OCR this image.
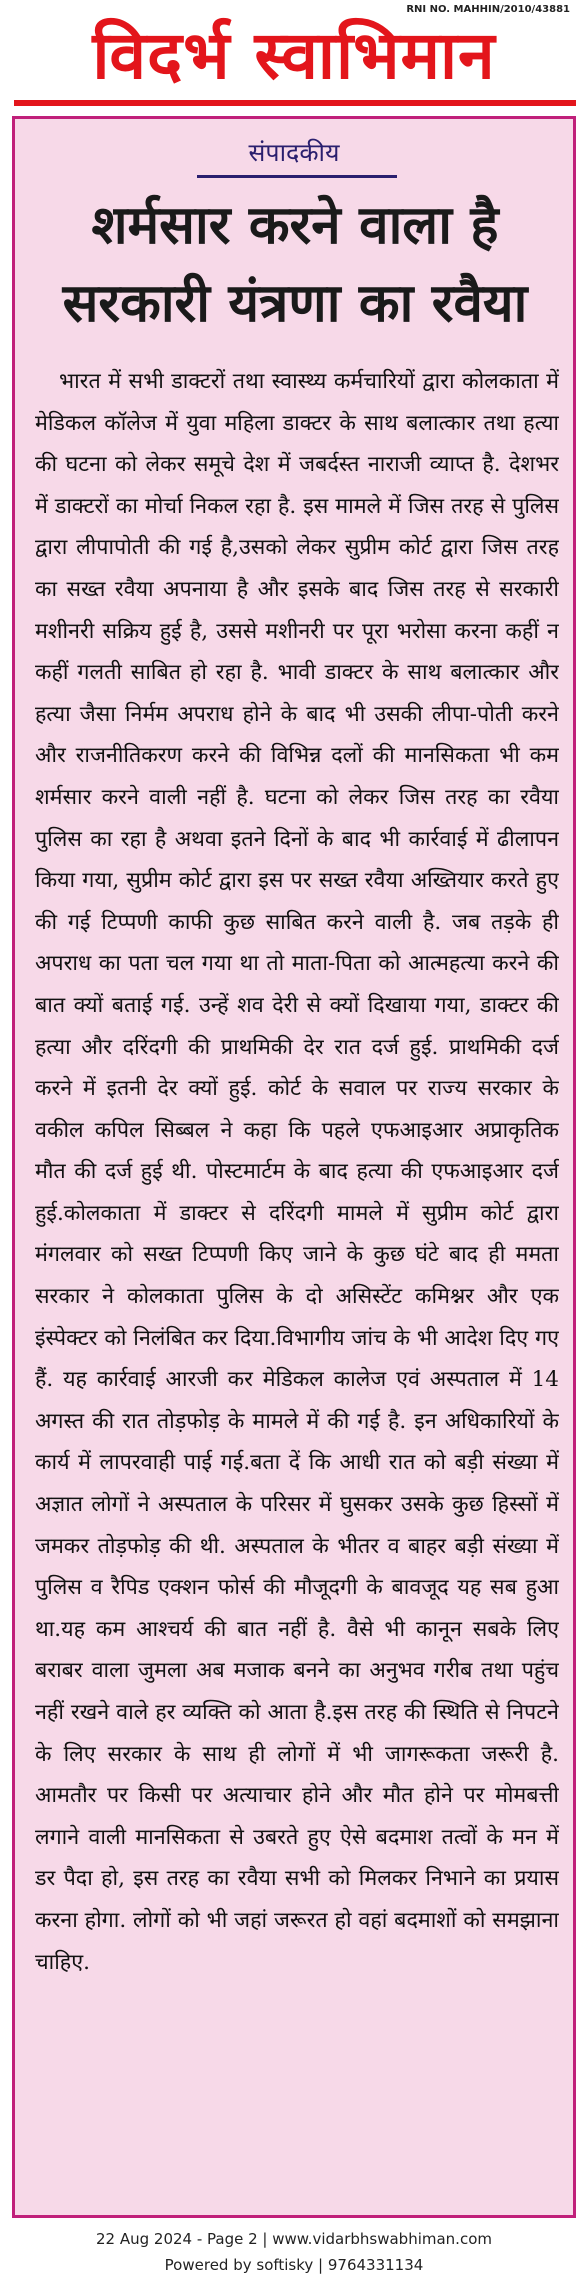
विदर्भ स्वाभिमान
RNI NO. MAHHIN/2010/43881
संपादकीय
शर्मसार करने वाला है
सरकारी यंत्रणा का रवैया

भारत में सभी डाक्टरों तथा स्वास्थ्य कर्मचारियों द्वारा कोलकाता में मेडिकल कॉलेज में युवा महिला डाक्टर के साथ बलात्कार तथा हत्या की घटना को लेकर समूचे देश में जबर्दस्त नाराजी व्याप्त है. देशभर में डाक्टरों का मोर्चा निकल रहा है. इस मामले में जिस तरह से पुलिस द्वारा लीपापोती की गई है,उसको लेकर सुप्रीम कोर्ट द्वारा जिस तरह का सख्त रवैया अपनाया है और इसके बाद जिस तरह से सरकारी मशीनरी सक्रिय हुई है, उससे मशीनरी पर पूरा भरोसा करना कहीं न कहीं गलती साबित हो रहा है. भावी डाक्टर के साथ बलात्कार और हत्या जैसा निर्मम अपराध होने के बाद भी उसकी लीपा-पोती करने और राजनीतिकरण करने की विभिन्न दलों की मानसिकता भी कम शर्मसार करने वाली नहीं है. घटना को लेकर जिस तरह का रवैया पुलिस का रहा है अथवा इतने दिनों के बाद भी कार्रवाई में ढीलापन किया गया, सुप्रीम कोर्ट द्वारा इस पर सख्त रवैया अख्तियार करते हुए की गई टिप्पणी काफी कुछ साबित करने वाली है. जब तड़के ही अपराध का पता चल गया था तो माता-पिता को आत्महत्या करने की बात क्यों बताई गई. उन्हें शव देरी से क्यों दिखाया गया, डाक्टर की हत्या और दरिंदगी की प्राथमिकी देर रात दर्ज हुई. प्राथमिकी दर्ज करने में इतनी देर क्यों हुई. कोर्ट के सवाल पर राज्य सरकार के वकील कपिल सिब्बल ने कहा कि पहले एफआइआर अप्राकृतिक मौत की दर्ज हुई थी. पोस्टमार्टम के बाद हत्या की एफआइआर दर्ज हुई.कोलकाता में डाक्टर से दरिंदगी मामले में सुप्रीम कोर्ट द्वारा मंगलवार को सख्त टिप्पणी किए जाने के कुछ घंटे बाद ही ममता सरकार ने कोलकाता पुलिस के दो असिस्टेंट कमिश्नर और एक इंस्पेक्टर को निलंबित कर दिया.विभागीय जांच के भी आदेश दिए गए हैं. यह कार्रवाई आरजी कर मेडिकल कालेज एवं अस्पताल में 14 अगस्त की रात तोड़फोड़ के मामले में की गई है. इन अधिकारियों के कार्य में लापरवाही पाई गई.बता दें कि आधी रात को बड़ी संख्या में अज्ञात लोगों ने अस्पताल के परिसर में घुसकर उसके कुछ हिस्सों में जमकर तोड़फोड़ की थी. अस्पताल के भीतर व बाहर बड़ी संख्या में पुलिस व रैपिड एक्शन फोर्स की मौजूदगी के बावजूद यह सब हुआ था.यह कम आश्चर्य की बात नहीं है. वैसे भी कानून सबके लिए बराबर वाला जुमला अब मजाक बनने का अनुभव गरीब तथा पहुंच नहीं रखने वाले हर व्यक्ति को आता है.इस तरह की स्थिति से निपटने के लिए सरकार के साथ ही लोगों में भी जागरूकता जरूरी है. आमतौर पर किसी पर अत्याचार होने और मौत होने पर मोमबत्ती लगाने वाली मानसिकता से उबरते हुए ऐसे बदमाश तत्वों के मन में डर पैदा हो, इस तरह का रवैया सभी को मिलकर निभाने का प्रयास करना होगा. लोगों को भी जहां जरूरत हो वहां बदमाशों को समझाना चाहिए.

22 Aug 2024 - Page 2 | www.vidarbhswabhiman.com
Powered by softisky | 9764331134
